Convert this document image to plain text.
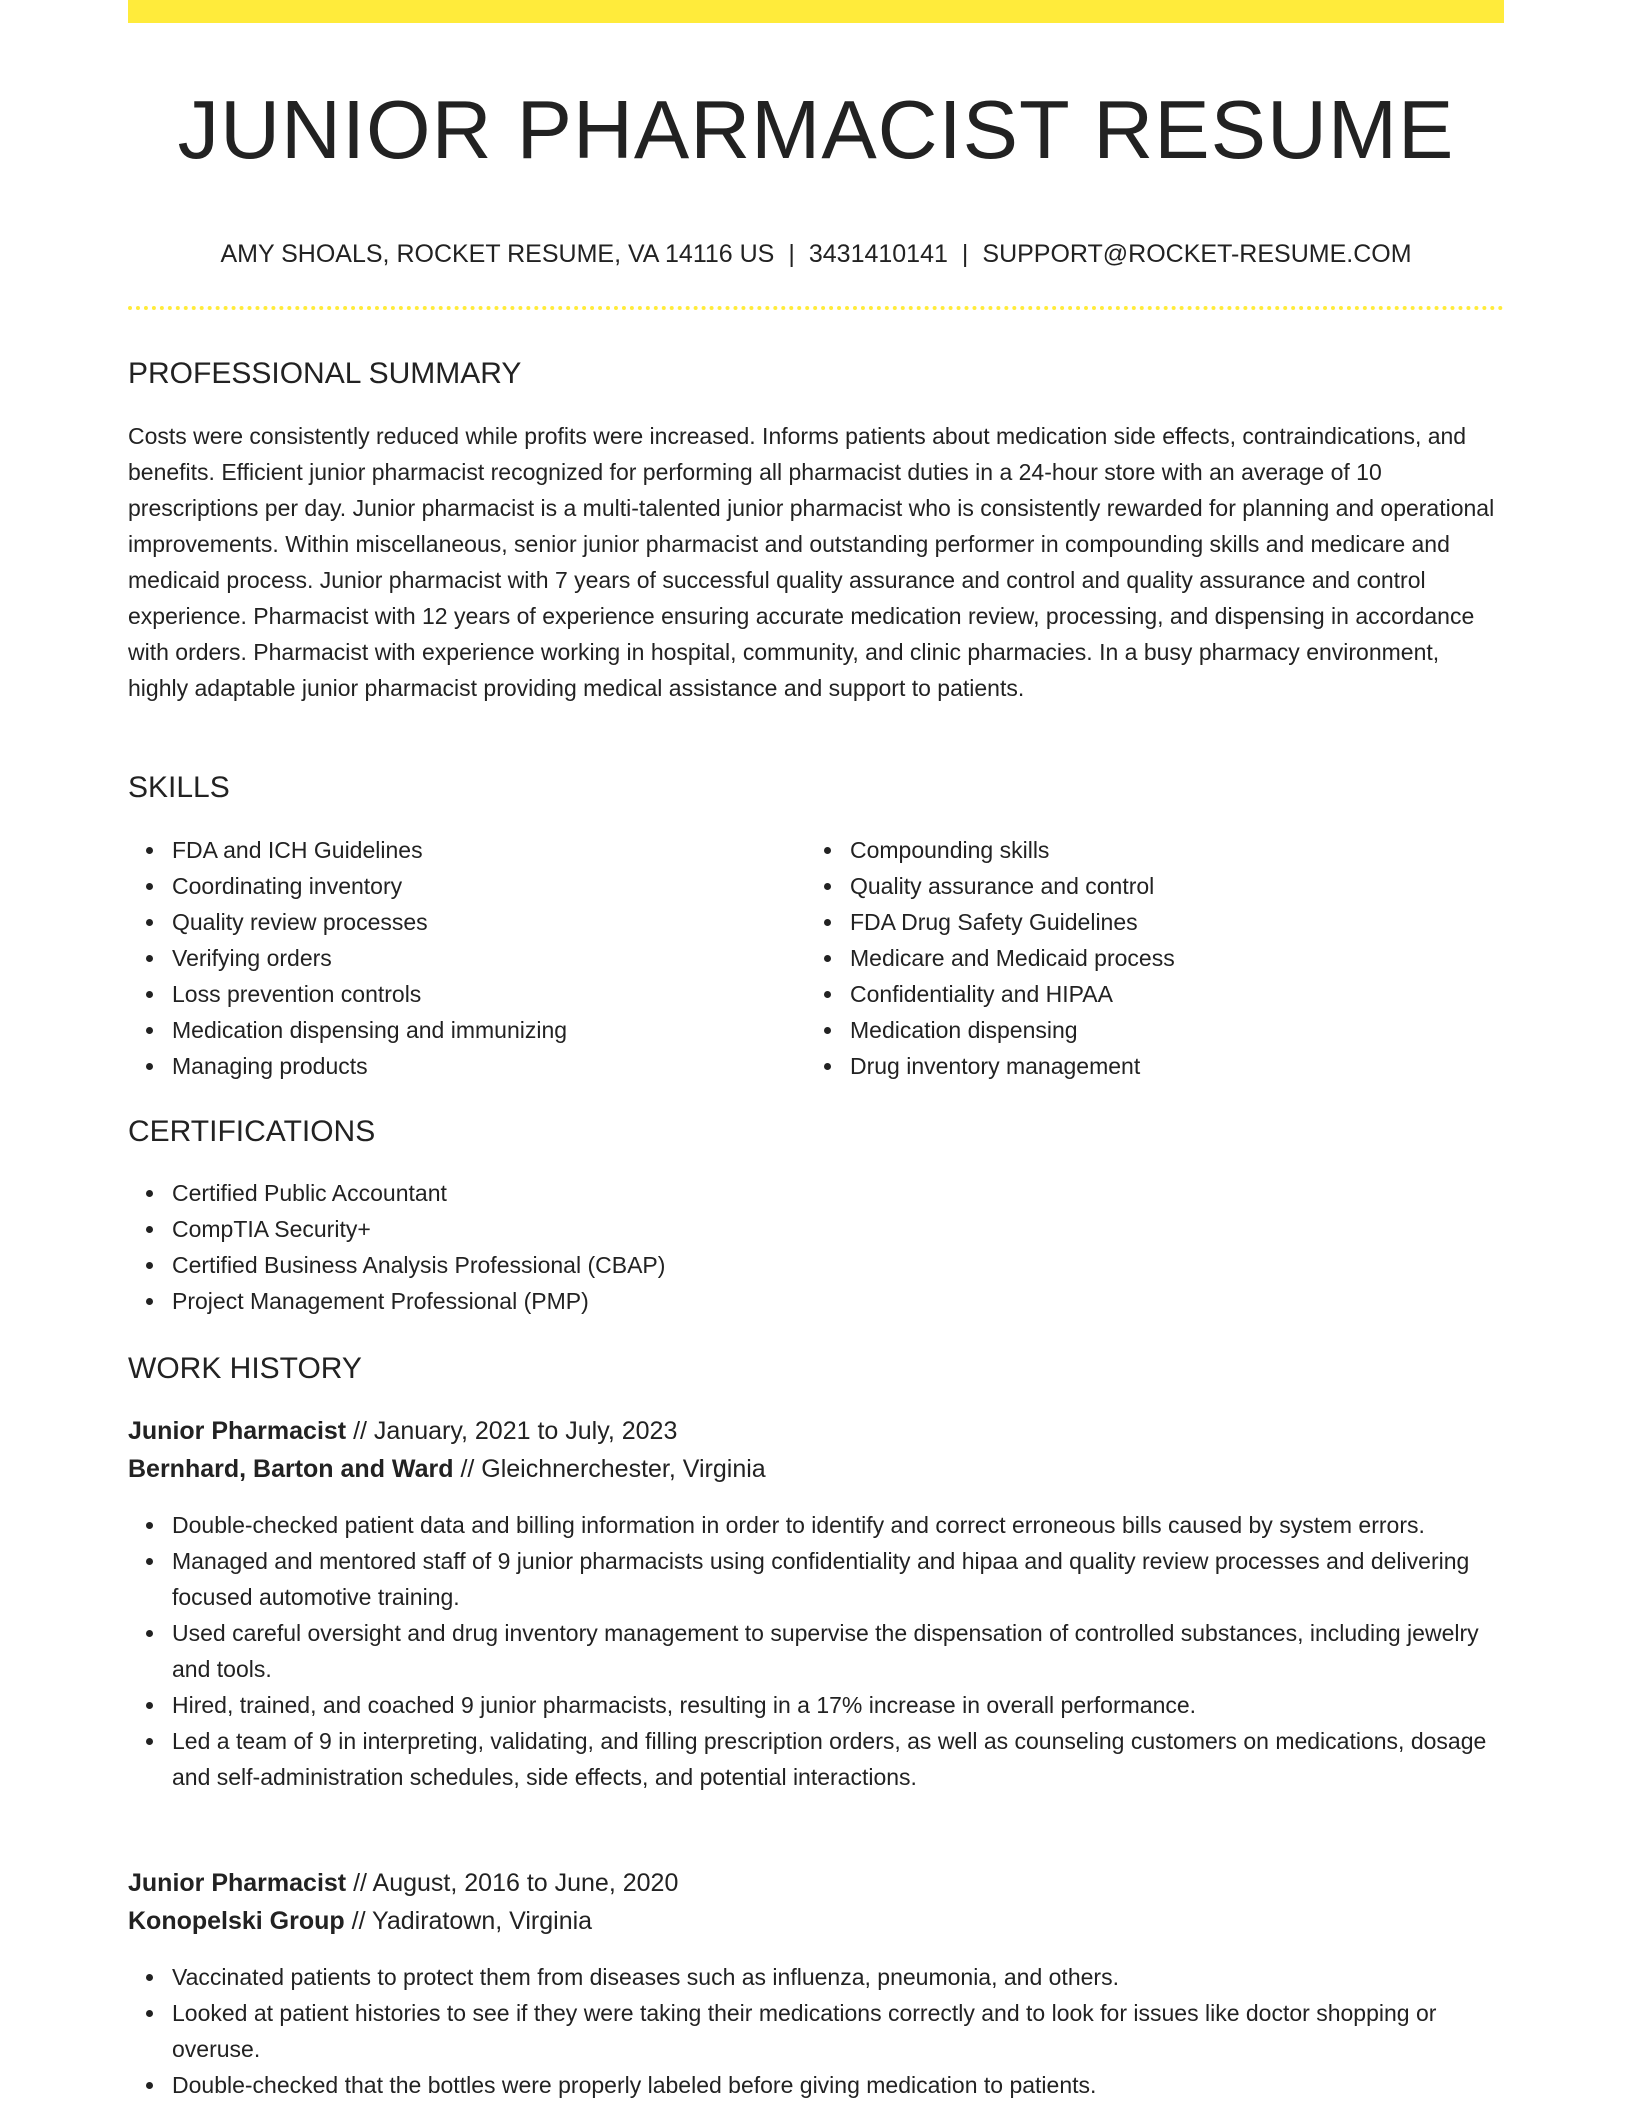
JUNIOR PHARMACIST RESUME
AMY SHOALS, ROCKET RESUME, VA 14116 US | 3431410141 | SUPPORT@ROCKET-RESUME.COM
PROFESSIONAL SUMMARY

Costs were consistently reduced while profits were increased. Informs patients about medication side effects, contraindications, and benefits. Efficient junior pharmacist recognized for performing all pharmacist duties in a 24-hour store with an average of 10 prescriptions per day. Junior pharmacist is a multi-talented junior pharmacist who is consistently rewarded for planning and operational improvements. Within miscellaneous, senior junior pharmacist and outstanding performer in compounding skills and medicare and medicaid process. Junior pharmacist with 7 years of successful quality assurance and control and quality assurance and control experience. Pharmacist with 12 years of experience ensuring accurate medication review, processing, and dispensing in accordance with orders. Pharmacist with experience working in hospital, community, and clinic pharmacies. In a busy pharmacy environment, highly adaptable junior pharmacist providing medical assistance and support to patients.

SKILLS
FDA and ICH Guidelines
Coordinating inventory
Quality review processes
Verifying orders
Loss prevention controls
Medication dispensing and immunizing
Managing products
Compounding skills
Quality assurance and control
FDA Drug Safety Guidelines
Medicare and Medicaid process
Confidentiality and HIPAA
Medication dispensing
Drug inventory management
CERTIFICATIONS
Certified Public Accountant
CompTIA Security+
Certified Business Analysis Professional (CBAP)
Project Management Professional (PMP)
WORK HISTORY
Junior Pharmacist // January, 2021 to July, 2023
Bernhard, Barton and Ward // Gleichnerchester, Virginia
Double-checked patient data and billing information in order to identify and correct erroneous bills caused by system errors.
Managed and mentored staff of 9 junior pharmacists using confidentiality and hipaa and quality review processes and delivering focused automotive training.
Used careful oversight and drug inventory management to supervise the dispensation of controlled substances, including jewelry and tools.
Hired, trained, and coached 9 junior pharmacists, resulting in a 17% increase in overall performance.
Led a team of 9 in interpreting, validating, and filling prescription orders, as well as counseling customers on medications, dosage and self-administration schedules, side effects, and potential interactions.
Junior Pharmacist // August, 2016 to June, 2020
Konopelski Group // Yadiratown, Virginia
Vaccinated patients to protect them from diseases such as influenza, pneumonia, and others.
Looked at patient histories to see if they were taking their medications correctly and to look for issues like doctor shopping or overuse.
Double-checked that the bottles were properly labeled before giving medication to patients.
